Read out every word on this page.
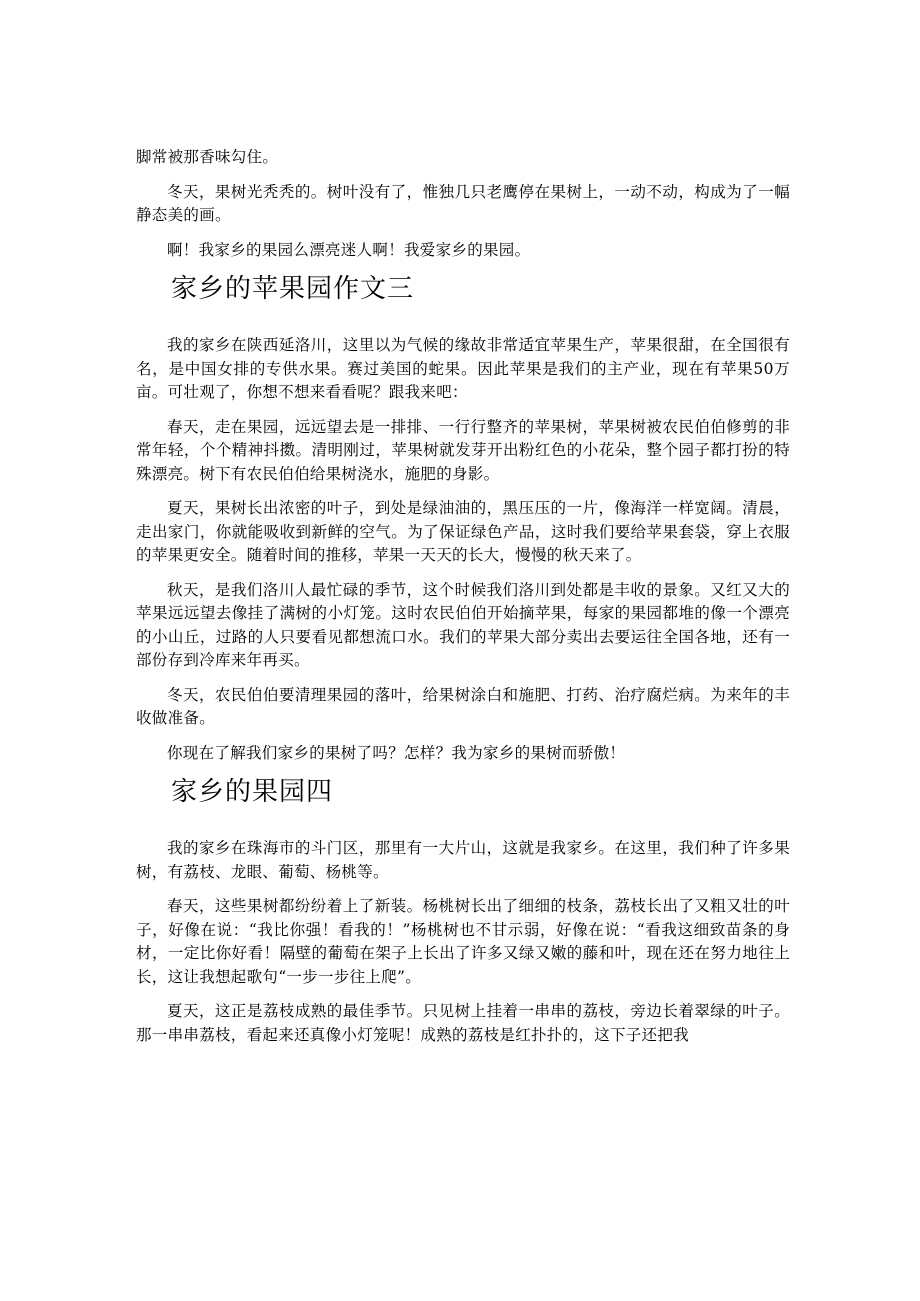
脚常被那香味勾住。

冬天，果树光秃秃的。树叶没有了，惟独几只老鹰停在果树上，一动不动，构成为了一幅静态美的画。

啊！我家乡的果园么漂亮迷人啊！我爱家乡的果园。

家乡的苹果园作文三

我的家乡在陕西延洛川，这里以为气候的缘故非常适宜苹果生产，苹果很甜，在全国很有名，是中国女排的专供水果。赛过美国的蛇果。因此苹果是我们的主产业，现在有苹果50万亩。可壮观了，你想不想来看看呢？跟我来吧：

春天，走在果园，远远望去是一排排、一行行整齐的苹果树，苹果树被农民伯伯修剪的非常年轻，个个精神抖擞。清明刚过，苹果树就发芽开出粉红色的小花朵，整个园子都打扮的特殊漂亮。树下有农民伯伯给果树浇水，施肥的身影。

夏天，果树长出浓密的叶子，到处是绿油油的，黑压压的一片，像海洋一样宽阔。清晨，走出家门，你就能吸收到新鲜的空气。为了保证绿色产品，这时我们要给苹果套袋，穿上衣服的苹果更安全。随着时间的推移，苹果一天天的长大，慢慢的秋天来了。

秋天，是我们洛川人最忙碌的季节，这个时候我们洛川到处都是丰收的景象。又红又大的苹果远远望去像挂了满树的小灯笼。这时农民伯伯开始摘苹果，每家的果园都堆的像一个漂亮的小山丘，过路的人只要看见都想流口水。我们的苹果大部分卖出去要运往全国各地，还有一部份存到冷库来年再买。

冬天，农民伯伯要清理果园的落叶，给果树涂白和施肥、打药、治疗腐烂病。为来年的丰收做准备。

你现在了解我们家乡的果树了吗？怎样？我为家乡的果树而骄傲！

家乡的果园四

我的家乡在珠海市的斗门区，那里有一大片山，这就是我家乡。在这里，我们种了许多果树，有荔枝、龙眼、葡萄、杨桃等。

春天，这些果树都纷纷着上了新装。杨桃树长出了细细的枝条，荔枝长出了又粗又壮的叶子，好像在说：“我比你强！看我的！”杨桃树也不甘示弱，好像在说：“看我这细致苗条的身材，一定比你好看！隔壁的葡萄在架子上长出了许多又绿又嫩的藤和叶，现在还在努力地往上长，这让我想起歌句“一步一步往上爬”。

夏天，这正是荔枝成熟的最佳季节。只见树上挂着一串串的荔枝，旁边长着翠绿的叶子。那一串串荔枝，看起来还真像小灯笼呢！成熟的荔枝是红扑扑的，这下子还把我
